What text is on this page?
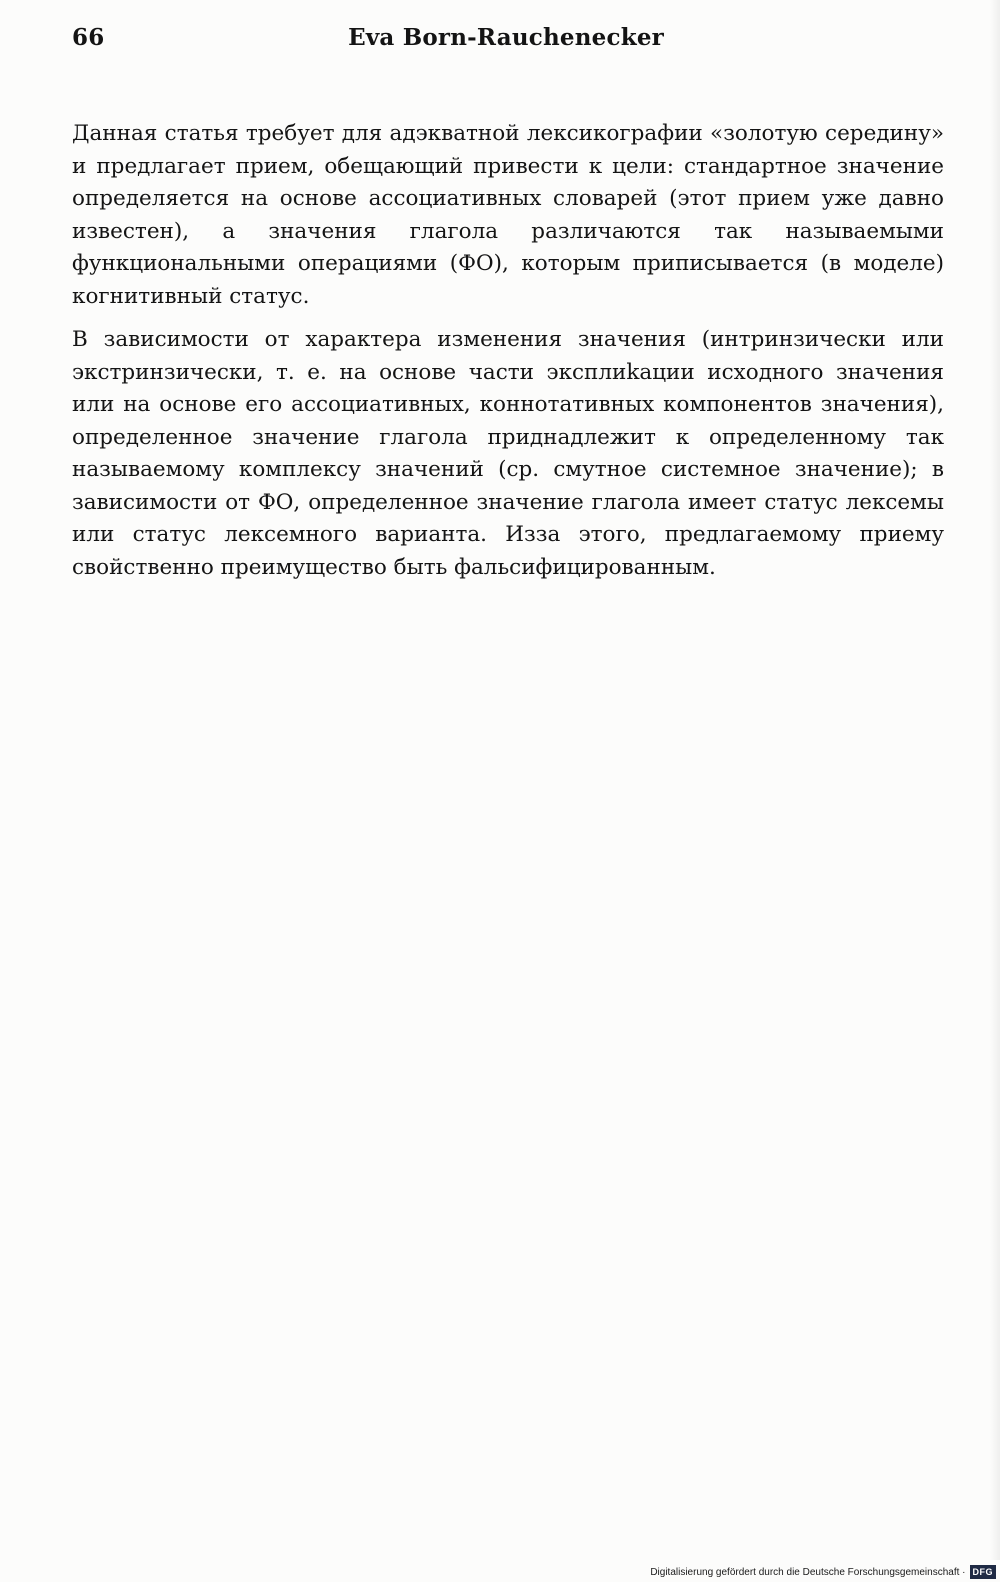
66	Eva Born-Rauchenecker

Данная статья требует для адэкватной лексикографии «золотую середину» и предлагает прием, обещающий привести к цели: стандартное значение определяется на основе ассоциативных словарей (этот прием уже давно известен), а значения глагола различаются так называемыми функциональными операциями (ФО), которым приписывается (в моделе) когнитивный статус.

В зависимости от характера изменения значения (интринзически или экстринзически, т. е. на основе части эксплиkации исходного значения или на основе его ассоциативных, коннотативных компонентов значения), определенное значение глагола приднадлежит к определенному так называемому комплексу значений (ср. смутное системное значение); в зависимости от ФО, определенное значение глагола имеет статус лексемы или статус лексемного варианта. Изза этого, предлагаемому приему свойственно преимущество быть фальсифицированным.

Digitalisierung gefördert durch die Deutsche Forschungsgemeinschaft · DFG
